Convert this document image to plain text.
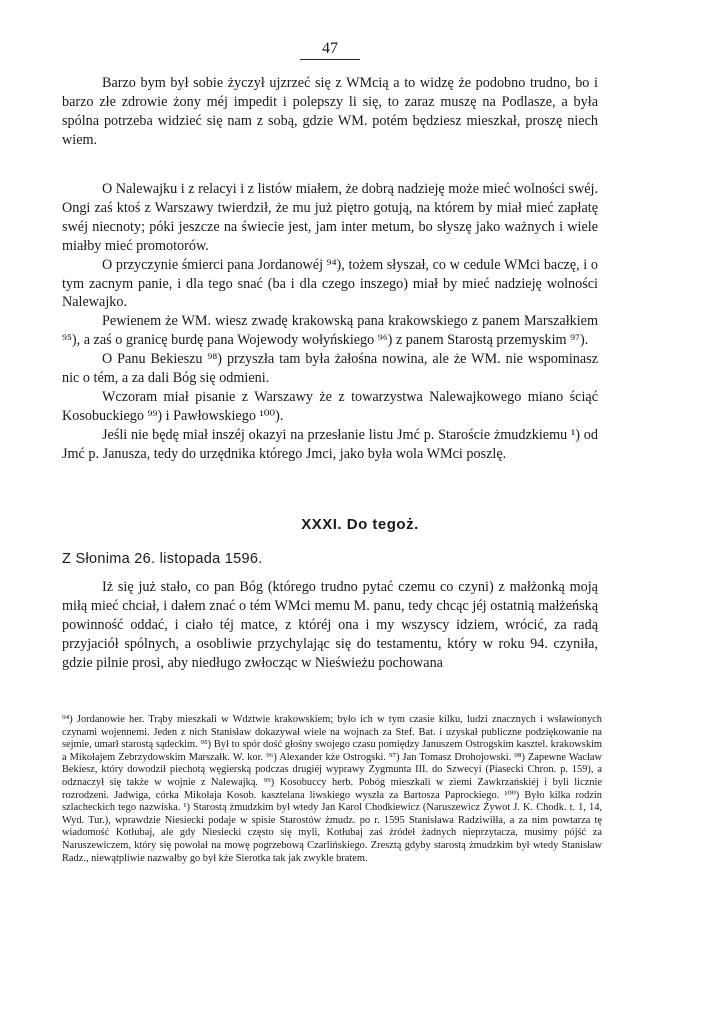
47

Barzo bym był sobie życzył ujzrzeć się z WMcią a to widzę że podobno trudno, bo i barzo złe zdrowie żony méj impedit i polepszy li się, to zaraz muszę na Podlasze, a była spólna potrzeba widzieć się nam z sobą, gdzie WM. potém będziesz mieszkał, proszę niech wiem.

O Nalewajku i z relacyi i z listów miałem, że dobrą nadzieję może mieć wolności swéj. Ongi zaś ktoś z Warszawy twierdził, że mu już piętro gotują, na którem by miał mieć zapłatę swéj niecnoty; póki jeszcze na świecie jest, jam inter metum, bo słyszę jako ważnych i wiele miałby mieć promotorów.

O przyczynie śmierci pana Jordanowéj ⁹⁴), tożem słyszał, co w cedule WMci baczę, i o tym zacnym panie, i dla tego snać (ba i dla czego inszego) miał by mieć nadzieję wolności Nalewajko.

Pewienem że WM. wiesz zwadę krakowską pana krakowskiego z panem Marszałkiem ⁹⁵), a zaś o granicę burdę pana Wojewody wołyńskiego ⁹⁶) z panem Starostą przemyskim ⁹⁷).

O Panu Bekieszu ⁹⁸) przyszła tam była żałośna nowina, ale że WM. nie wspominasz nic o tém, a za dali Bóg się odmieni.

Wczoram miał pisanie z Warszawy że z towarzystwa Nalewajkowego miano ściąć Kosobuckiego ⁹⁹) i Pawłowskiego ¹⁰⁰).

Jeśli nie będę miał inszéj okazyi na przesłanie listu Jmć p. Staroście żmudzkiemu ¹) od Jmć p. Janusza, tedy do urzędnika którego Jmci, jako była wola WMci poszlę.

XXXI. Do tegoż.
Z Słonima 26. listopada 1596.

Iż się już stało, co pan Bóg (którego trudno pytać czemu co czyni) z małżonką moją miłą mieć chciał, i dałem znać o tém WMci memu M. panu, tedy chcąc jéj ostatnią małżeńską powinność oddać, i ciało téj matce, z któréj ona i my wszyscy idziem, wrócić, za radą przyjaciół spólnych, a osobliwie przychylając się do testamentu, który w roku 94. czyniła, gdzie pilnie prosi, aby niedługo zwłocząc w Nieświeżu pochowana

⁹⁴) Jordanowie her. Trąby mieszkali w Wdztwie krakowskiem; było ich w tym czasie kilku, ludzi znacznych i wsławionych czynami wojennemi. Jeden z nich Stanisław dokazywał wiele na wojnach za Stef. Bat. i uzyskał publiczne podziękowanie na sejmie, umarł starostą sądeckim. ⁹⁵) Był to spór dość głośny swojego czasu pomiędzy Januszem Ostrogskim kasztel. krakowskim a Mikołajem Zebrzydowskim Marszałk. W. kor. ⁹⁶) Alexander kże Ostrogski. ⁹⁷) Jan Tomasz Drohojowski. ⁹⁸) Zapewne Wacław Bekiesz, który dowodził piechotą węgierską podczas drugiéj wyprawy Zygmunta III. do Szwecyi (Piasecki Chron. p. 159), a odznaczył się także w wojnie z Nalewajką. ⁹⁹) Kosobuccy herb. Pobóg mieszkali w ziemi Zawkrzańskiéj i byli licznie rozrodzeni. Jadwiga, córka Mikołaja Kosob. kasztelana liwskiego wyszła za Bartosza Paprockiego. ¹⁰⁰) Było kilka rodzin szlacheckich tego nazwiska. ¹) Starostą żmudzkim był wtedy Jan Karol Chodkiewicz (Naruszewicz Żywot J. K. Chodk. t. 1, 14, Wyd. Tur.), wprawdzie Niesiecki podaje w spisie Starostów żmudz. po r. 1595 Stanisława Radziwiłła, a za nim powtarza tę wiadomość Kotłubaj, ale gdy Niesiecki często się myli, Kotłubaj zaś źródeł żadnych nieprzytacza, musimy pójść za Naruszewiczem, który się powołał na mowę pogrzebową Czarlińskiego. Zresztą gdyby starostą żmudzkim był wtedy Stanisław Radz., niewątpliwie nazwałby go był kże Sierotka tak jak zwykle bratem.
